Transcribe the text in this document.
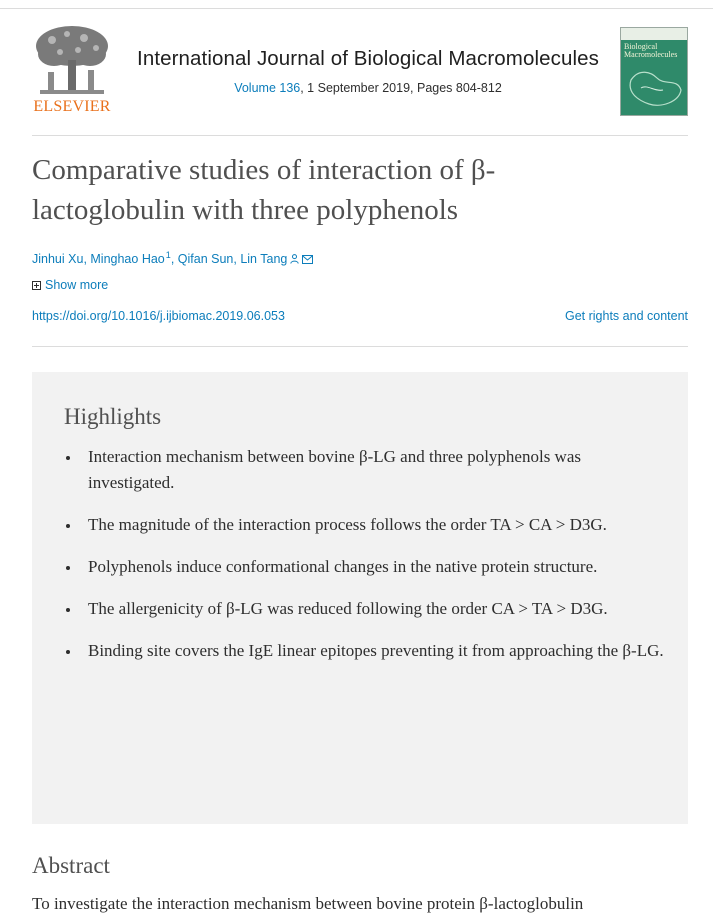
ELSEVIER
International Journal of Biological Macromolecules
Volume 136, 1 September 2019, Pages 804-812
Biological Macromolecules
Comparative studies of interaction of β-lactoglobulin with three polyphenols
Jinhui Xu, Minghao Hao $^1$, Qifan Sun, Lin Tang
Show more
https://doi.org/10.1016/j.ijbiomac.2019.06.053	Get rights and content
Highlights
Interaction mechanism between bovine β-LG and three polyphenols was investigated.
The magnitude of the interaction process follows the order TA > CA > D3G.
Polyphenols induce conformational changes in the native protein structure.
The allergenicity of β-LG was reduced following the order CA > TA > D3G.
Binding site covers the IgE linear epitopes preventing it from approaching the β-LG.
Abstract
To investigate the interaction mechanism between bovine protein β-lactoglobulin
